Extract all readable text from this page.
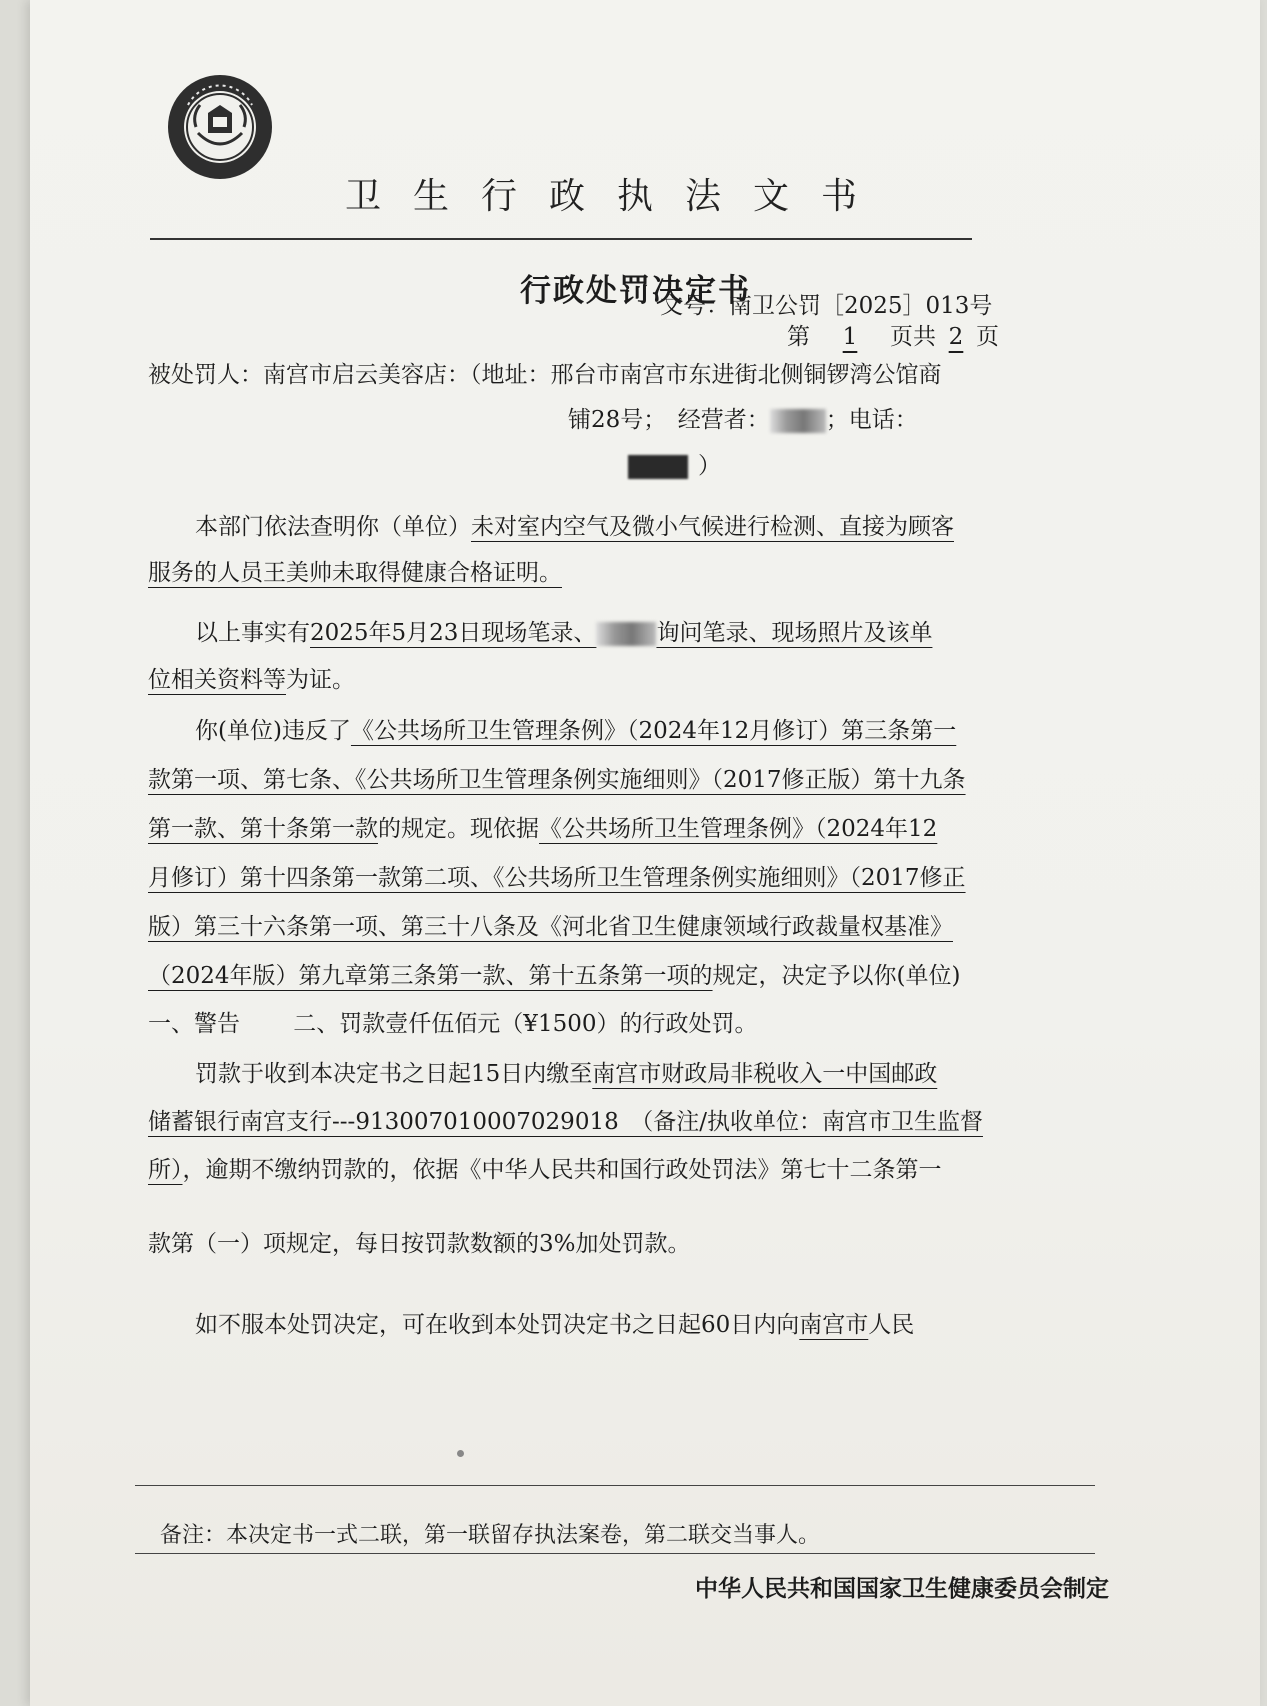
卫生行政执法文书
行政处罚决定书
文号：南卫公罚［2025］013号
第 1 页共 2 页
被处罚人：南宫市启云美容店：（地址：邢台市南宫市东进街北侧铜锣湾公馆商
铺28号；　经营者： ；电话：
）
本部门依法查明你（单位）未对室内空气及微小气候进行检测、直接为顾客
服务的人员王美帅未取得健康合格证明。
以上事实有2025年5月23日现场笔录、	询问笔录、现场照片及该单
位相关资料等为证。
你(单位)违反了《公共场所卫生管理条例》（2024年12月修订）第三条第一
款第一项、第七条、《公共场所卫生管理条例实施细则》（2017修正版）第十九条
第一款、第十条第一款的规定。现依据《公共场所卫生管理条例》（2024年12
月修订）第十四条第一款第二项、《公共场所卫生管理条例实施细则》（2017修正
版）第三十六条第一项、第三十八条及《河北省卫生健康领域行政裁量权基准》
（2024年版）第九章第三条第一款、第十五条第一项的规定，决定予以你(单位)
一、警告　　 二、罚款壹仟伍佰元（¥1500）的行政处罚。
罚款于收到本决定书之日起15日内缴至南宫市财政局非税收入一中国邮政
储蓄银行南宫支行---913007010007029018　（备注/执收单位：南宫市卫生监督
所），逾期不缴纳罚款的，依据《中华人民共和国行政处罚法》第七十二条第一
款第（一）项规定，每日按罚款数额的3%加处罚款。
如不服本处罚决定，可在收到本处罚决定书之日起60日内向南宫市人民
备注：本决定书一式二联，第一联留存执法案卷，第二联交当事人。
中华人民共和国国家卫生健康委员会制定
